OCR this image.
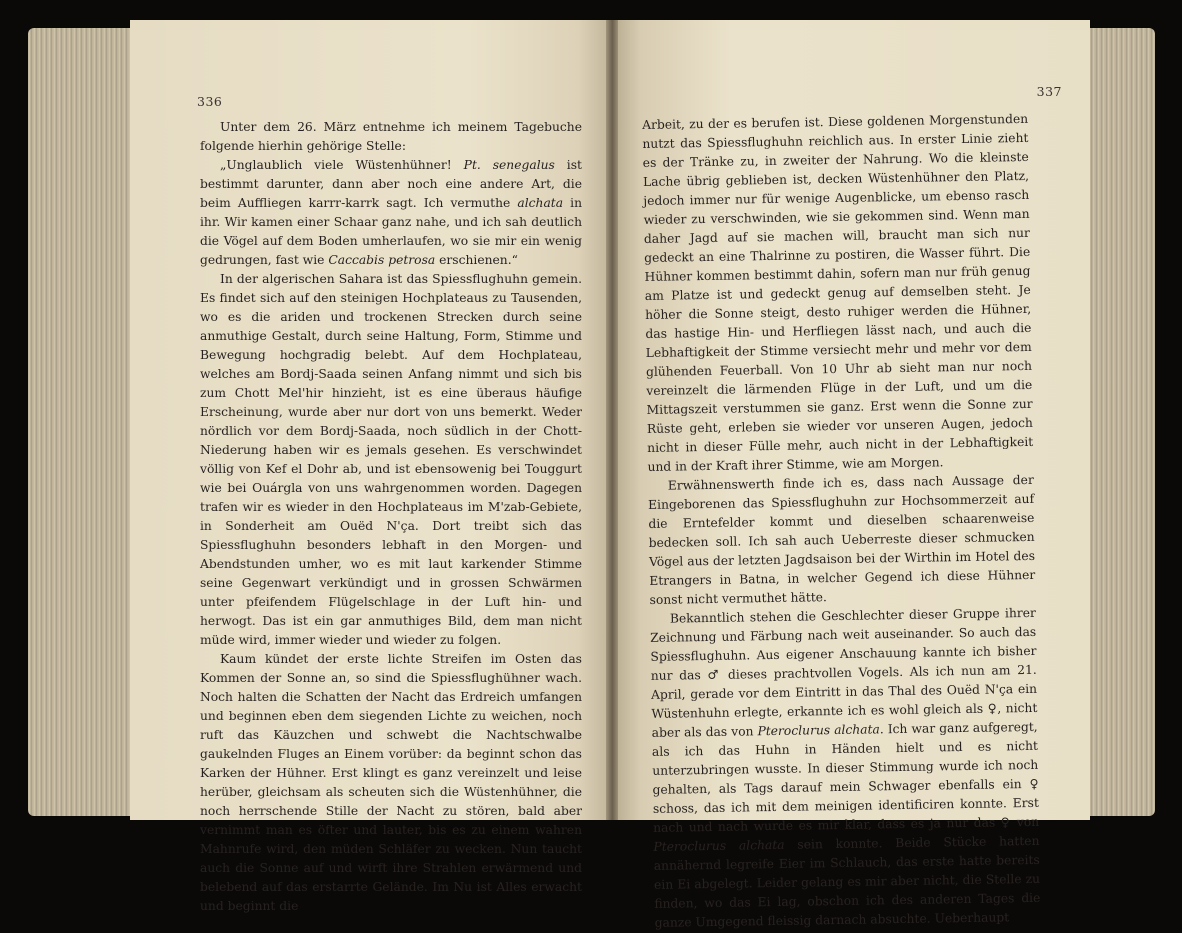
336

Unter dem 26. März entnehme ich meinem Tagebuche folgende hierhin gehörige Stelle:

„Unglaublich viele Wüstenhühner! Pt. senegalus ist bestimmt darunter, dann aber noch eine andere Art, die beim Auffliegen karrr-karrk sagt. Ich vermuthe alchata in ihr. Wir kamen einer Schaar ganz nahe, und ich sah deutlich die Vögel auf dem Boden umherlaufen, wo sie mir ein wenig gedrungen, fast wie Caccabis petrosa erschienen.“

In der algerischen Sahara ist das Spiessflughuhn gemein. Es findet sich auf den steinigen Hochplateaus zu Tausenden, wo es die ariden und trockenen Strecken durch seine anmuthige Gestalt, durch seine Haltung, Form, Stimme und Bewegung hochgradig belebt. Auf dem Hochplateau, welches am Bordj-Saada seinen Anfang nimmt und sich bis zum Chott Mel'hir hinzieht, ist es eine überaus häufige Erscheinung, wurde aber nur dort von uns bemerkt. Weder nördlich vor dem Bordj-Saada, noch südlich in der Chott-Niederung haben wir es jemals gesehen. Es verschwindet völlig von Kef el Dohr ab, und ist ebensowenig bei Touggurt wie bei Ouárgla von uns wahrgenommen worden. Dagegen trafen wir es wieder in den Hochplateaus im M'zab-Gebiete, in Sonderheit am Ouëd N'ça. Dort treibt sich das Spiessflughuhn besonders lebhaft in den Morgen- und Abendstunden umher, wo es mit laut karkender Stimme seine Gegenwart verkündigt und in grossen Schwärmen unter pfeifendem Flügelschlage in der Luft hin- und herwogt. Das ist ein gar anmuthiges Bild, dem man nicht müde wird, immer wieder und wieder zu folgen.

Kaum kündet der erste lichte Streifen im Osten das Kommen der Sonne an, so sind die Spiessflughühner wach. Noch halten die Schatten der Nacht das Erdreich umfangen und beginnen eben dem siegenden Lichte zu weichen, noch ruft das Käuzchen und schwebt die Nachtschwalbe gaukelnden Fluges an Einem vorüber: da beginnt schon das Karken der Hühner. Erst klingt es ganz vereinzelt und leise herüber, gleichsam als scheuten sich die Wüstenhühner, die noch herrschende Stille der Nacht zu stören, bald aber vernimmt man es öfter und lauter, bis es zu einem wahren Mahnrufe wird, den müden Schläfer zu wecken. Nun taucht auch die Sonne auf und wirft ihre Strahlen erwärmend und belebend auf das erstarrte Gelände. Im Nu ist Alles erwacht und beginnt die

337

Arbeit, zu der es berufen ist. Diese goldenen Morgenstunden nutzt das Spiessflughuhn reichlich aus. In erster Linie zieht es der Tränke zu, in zweiter der Nahrung. Wo die kleinste Lache übrig geblieben ist, decken Wüstenhühner den Platz, jedoch immer nur für wenige Augenblicke, um ebenso rasch wieder zu verschwinden, wie sie gekommen sind. Wenn man daher Jagd auf sie machen will, braucht man sich nur gedeckt an eine Thalrinne zu postiren, die Wasser führt. Die Hühner kommen bestimmt dahin, sofern man nur früh genug am Platze ist und gedeckt genug auf demselben steht. Je höher die Sonne steigt, desto ruhiger werden die Hühner, das hastige Hin- und Herfliegen lässt nach, und auch die Lebhaftigkeit der Stimme versiecht mehr und mehr vor dem glühenden Feuerball. Von 10 Uhr ab sieht man nur noch vereinzelt die lärmenden Flüge in der Luft, und um die Mittagszeit verstummen sie ganz. Erst wenn die Sonne zur Rüste geht, erleben sie wieder vor unseren Augen, jedoch nicht in dieser Fülle mehr, auch nicht in der Lebhaftigkeit und in der Kraft ihrer Stimme, wie am Morgen.

Erwähnenswerth finde ich es, dass nach Aussage der Eingeborenen das Spiessflughuhn zur Hochsommerzeit auf die Erntefelder kommt und dieselben schaarenweise bedecken soll. Ich sah auch Ueberreste dieser schmucken Vögel aus der letzten Jagdsaison bei der Wirthin im Hotel des Etrangers in Batna, in welcher Gegend ich diese Hühner sonst nicht vermuthet hätte.

Bekanntlich stehen die Geschlechter dieser Gruppe ihrer Zeichnung und Färbung nach weit auseinander. So auch das Spiessflughuhn. Aus eigener Anschauung kannte ich bisher nur das ♂ dieses prachtvollen Vogels. Als ich nun am 21. April, gerade vor dem Eintritt in das Thal des Ouëd N'ça ein Wüstenhuhn erlegte, erkannte ich es wohl gleich als ♀, nicht aber als das von Pteroclurus alchata. Ich war ganz aufgeregt, als ich das Huhn in Händen hielt und es nicht unterzubringen wusste. In dieser Stimmung wurde ich noch gehalten, als Tags darauf mein Schwager ebenfalls ein ♀ schoss, das ich mit dem meinigen identificiren konnte. Erst nach und nach wurde es mir klar, dass es ja nur das ♀ von Pteroclurus alchata sein konnte. Beide Stücke hatten annähernd legreife Eier im Schlauch, das erste hatte bereits ein Ei abgelegt. Leider gelang es mir aber nicht, die Stelle zu finden, wo das Ei lag, obschon ich des anderen Tages die ganze Umgegend fleissig darnach absuchte. Ueberhaupt
